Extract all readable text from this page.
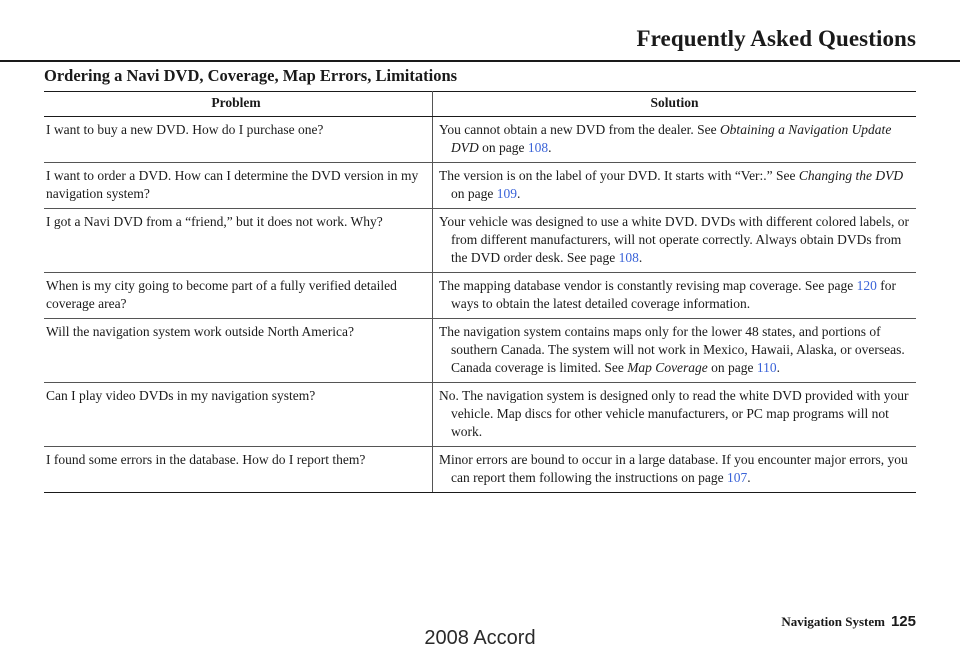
Frequently Asked Questions
Ordering a Navi DVD, Coverage, Map Errors, Limitations
Problem	Solution
I want to buy a new DVD. How do I purchase one?	You cannot obtain a new DVD from the dealer. See Obtaining a Navigation Update DVD on page 108.

I want to order a DVD. How can I determine the DVD version in my navigation system?	The version is on the label of your DVD. It starts with “Ver:.” See Changing the DVD on page 109.

I got a Navi DVD from a “friend,” but it does not work. Why?	Your vehicle was designed to use a white DVD. DVDs with different colored labels, or from different manufacturers, will not operate correctly. Always obtain DVDs from the DVD order desk. See page 108.

When is my city going to become part of a fully verified detailed coverage area?	The mapping database vendor is constantly revising map coverage. See page 120 for ways to obtain the latest detailed coverage information.

Will the navigation system work outside North America?	The navigation system contains maps only for the lower 48 states, and portions of southern Canada. The system will not work in Mexico, Hawaii, Alaska, or overseas. Canada coverage is limited. See Map Coverage on page 110.

Can I play video DVDs in my navigation system?	No. The navigation system is designed only to read the white DVD provided with your vehicle. Map discs for other vehicle manufacturers, or PC map programs will not work.

I found some errors in the database. How do I report them?	Minor errors are bound to occur in a large database. If you encounter major errors, you can report them following the instructions on page 107.

Navigation System 125
2008 Accord
